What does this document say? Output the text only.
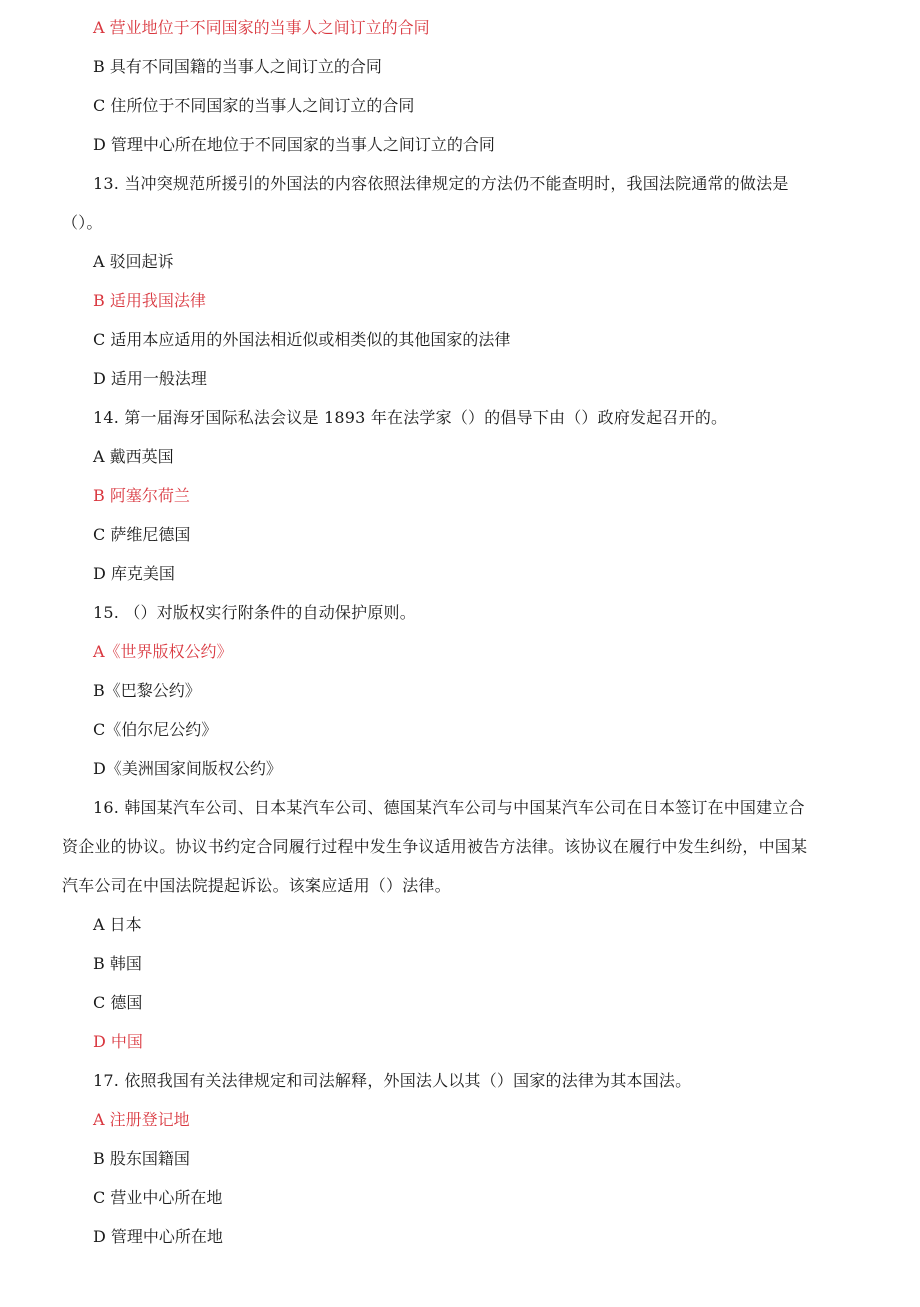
A 营业地位于不同国家的当事人之间订立的合同
B 具有不同国籍的当事人之间订立的合同
C 住所位于不同国家的当事人之间订立的合同
D 管理中心所在地位于不同国家的当事人之间订立的合同
13. 当冲突规范所援引的外国法的内容依照法律规定的方法仍不能查明时，我国法院通常的做法是
（）。
A 驳回起诉
B 适用我国法律
C 适用本应适用的外国法相近似或相类似的其他国家的法律
D 适用一般法理
14. 第一届海牙国际私法会议是 1893 年在法学家（）的倡导下由（）政府发起召开的。
A 戴西英国
B 阿塞尔荷兰
C 萨维尼德国
D 库克美国
15. （）对版权实行附条件的自动保护原则。
A《世界版权公约》
B《巴黎公约》
C《伯尔尼公约》
D《美洲国家间版权公约》
16. 韩国某汽车公司、日本某汽车公司、德国某汽车公司与中国某汽车公司在日本签订在中国建立合
资企业的协议。协议书约定合同履行过程中发生争议适用被告方法律。该协议在履行中发生纠纷，中国某
汽车公司在中国法院提起诉讼。该案应适用（）法律。
A 日本
B 韩国
C 德国
D 中国
17. 依照我国有关法律规定和司法解释，外国法人以其（）国家的法律为其本国法。
A 注册登记地
B 股东国籍国
C 营业中心所在地
D 管理中心所在地
